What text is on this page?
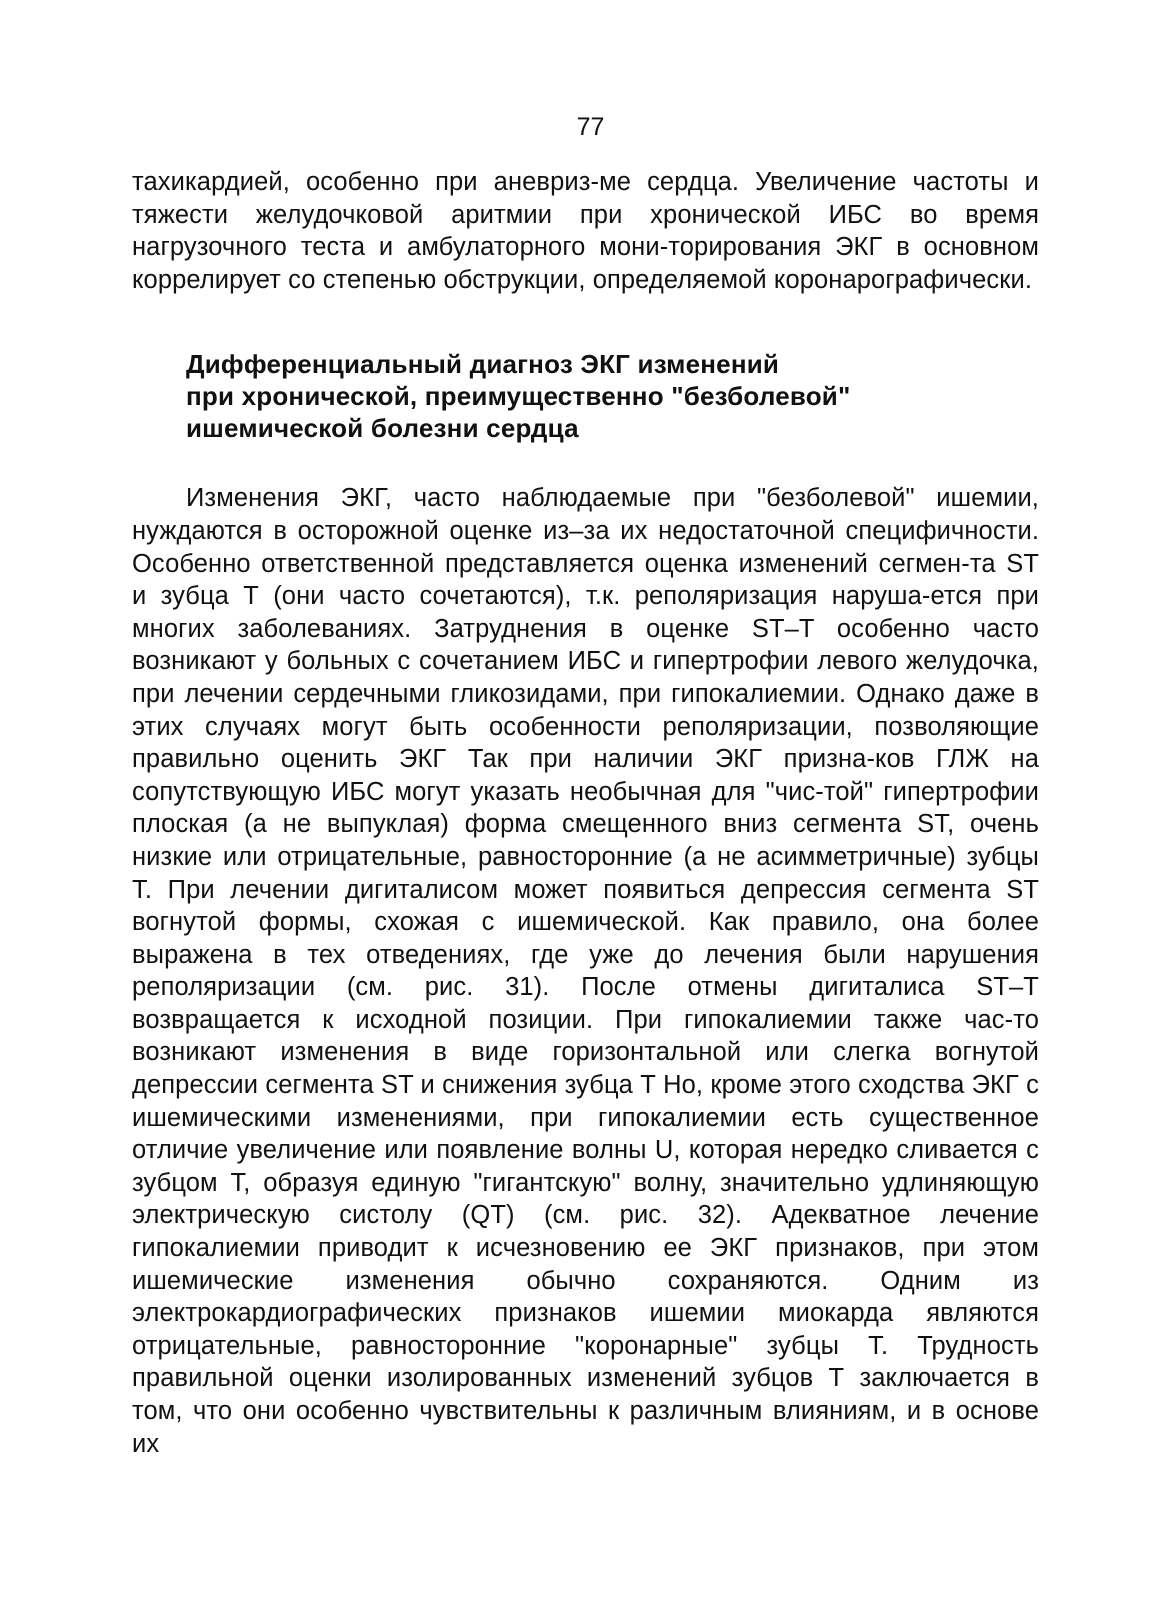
77

тахикардией, особенно при аневриз-ме сердца. Увеличение частоты и тяжести желудочковой аритмии при хронической ИБС во время нагрузочного теста и амбулаторного мони-торирования ЭКГ в основном коррелирует со степенью обструкции, определяемой коронарографически.

Дифференциальный диагноз ЭКГ изменений
при хронической, преимущественно "безболевой"
ишемической болезни сердца

Изменения ЭКГ, часто наблюдаемые при "безболевой" ишемии, нуждаются в осторожной оценке из–за их недостаточной специфичности. Особенно ответственной представляется оценка изменений сегмен-та ST и зубца Т (они часто сочетаются), т.к. реполяризация наруша-ется при многих заболеваниях. Затруднения в оценке ST–T особенно часто возникают у больных с сочетанием ИБС и гипертрофии левого желудочка, при лечении сердечными гликозидами, при гипокалиемии. Однако даже в этих случаях могут быть особенности реполяризации, позволяющие правильно оценить ЭКГ Так при наличии ЭКГ призна-ков ГЛЖ на сопутствующую ИБС могут указать необычная для "чис-той" гипертрофии плоская (а не выпуклая) форма смещенного вниз сегмента ST, очень низкие или отрицательные, равносторонние (а не асимметричные) зубцы Т. При лечении дигиталисом может появиться депрессия сегмента ST вогнутой формы, схожая с ишемической. Как правило, она более выражена в тех отведениях, где уже до лечения были нарушения реполяризации (см. рис. 31). После отмены дигиталиса ST–T возвращается к исходной позиции. При гипокалиемии также час-то возникают изменения в виде горизонтальной или слегка вогнутой депрессии сегмента ST и снижения зубца Т Но, кроме этого сходства ЭКГ с ишемическими изменениями, при гипокалиемии есть существенное отличие увеличение или появление волны U, которая нередко сливается с зубцом Т, образуя единую "гигантскую" волну, значительно удлиняющую электрическую систолу (QT) (см. рис. 32). Адекватное лечение гипокалиемии приводит к исчезновению ее ЭКГ признаков, при этом ишемические изменения обычно сохраняются. Одним из электрокардиографических признаков ишемии миокарда являются отрицательные, равносторонние "коронарные" зубцы Т. Трудность правильной оценки изолированных изменений зубцов Т заключается в том, что они особенно чувствительны к различным влияниям, и в основе их
